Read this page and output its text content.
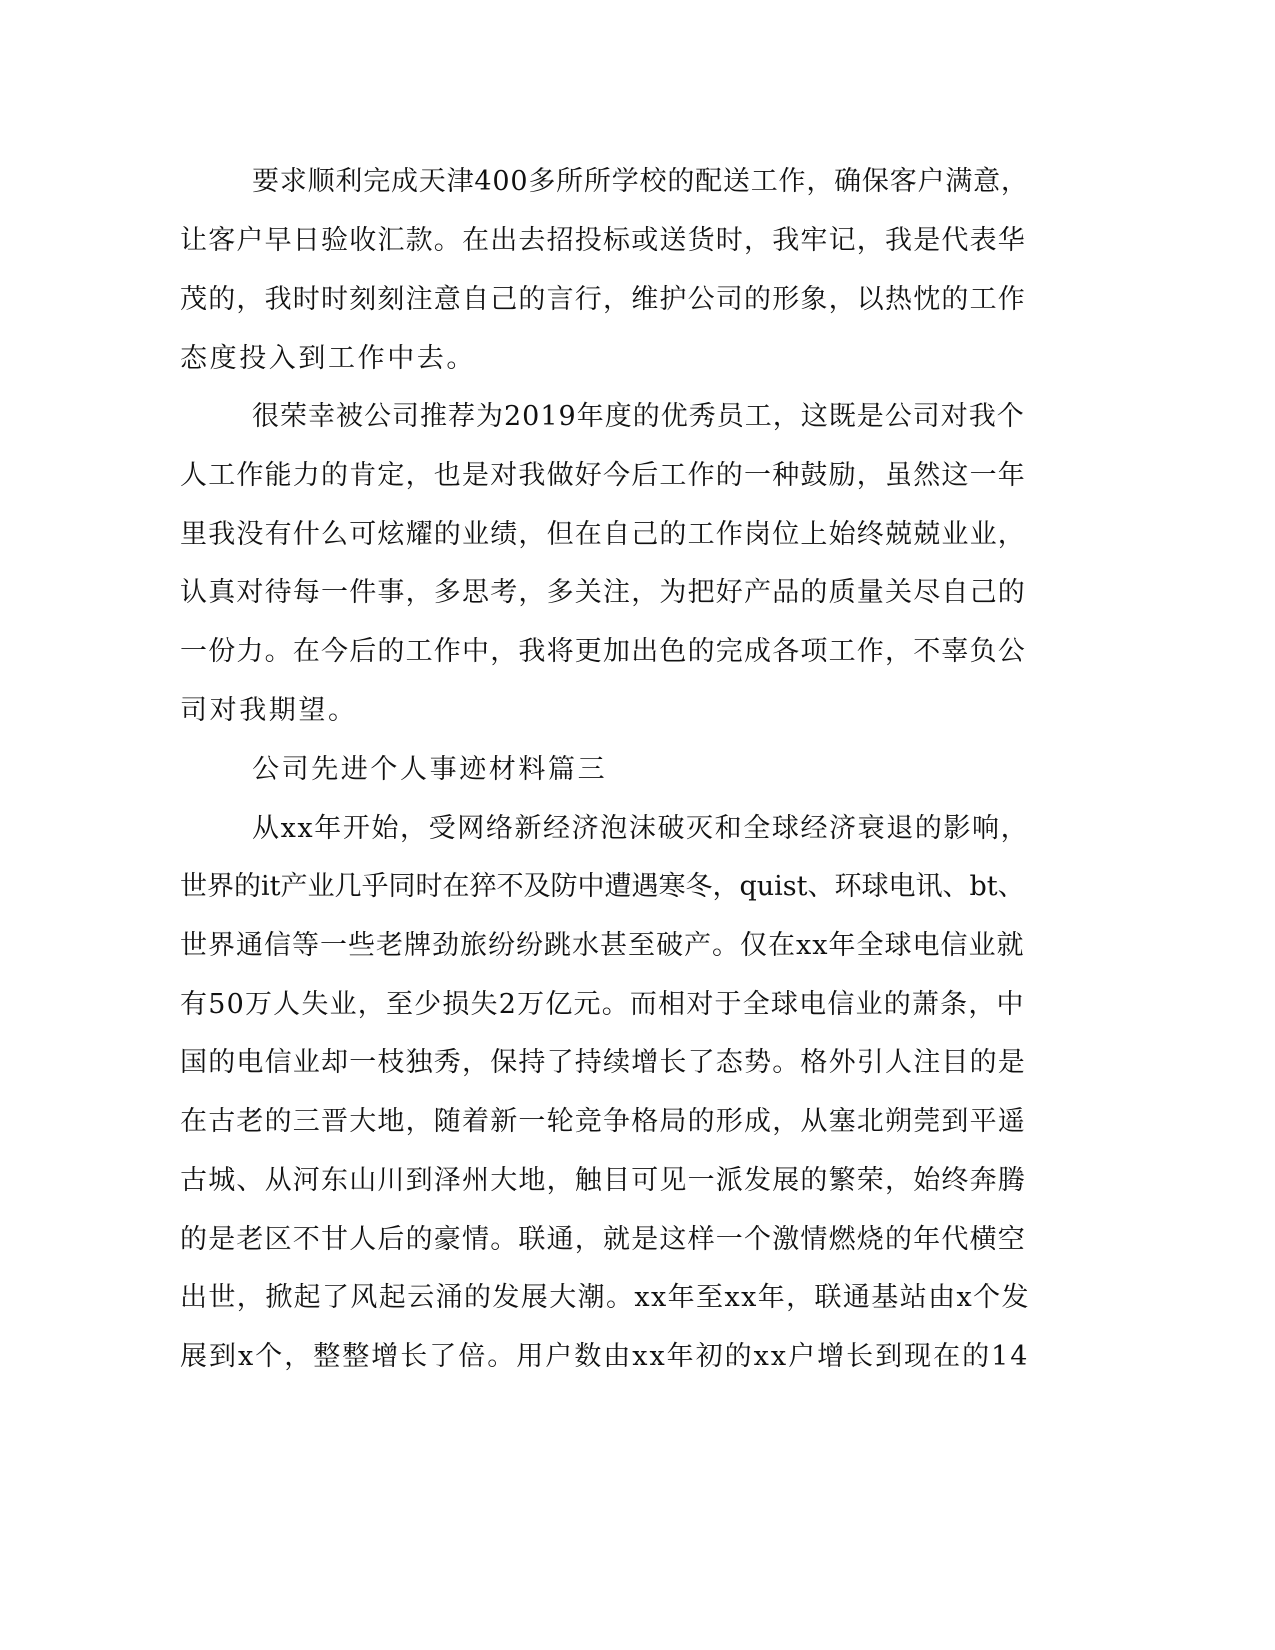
要求顺利完成天津400多所所学校的配送工作，确保客户满意，
让客户早日验收汇款。在出去招投标或送货时，我牢记，我是代表华
茂的，我时时刻刻注意自己的言行，维护公司的形象，以热忱的工作
态度投入到工作中去。
很荣幸被公司推荐为2019年度的优秀员工，这既是公司对我个
人工作能力的肯定，也是对我做好今后工作的一种鼓励，虽然这一年
里我没有什么可炫耀的业绩，但在自己的工作岗位上始终兢兢业业，
认真对待每一件事，多思考，多关注，为把好产品的质量关尽自己的
一份力。在今后的工作中，我将更加出色的完成各项工作，不辜负公
司对我期望。
公司先进个人事迹材料篇三
从xx年开始，受网络新经济泡沫破灭和全球经济衰退的影响，
世界的it产业几乎同时在猝不及防中遭遇寒冬，quist、环球电讯、bt、
世界通信等一些老牌劲旅纷纷跳水甚至破产。仅在xx年全球电信业就
有50万人失业，至少损失2万亿元。而相对于全球电信业的萧条，中
国的电信业却一枝独秀，保持了持续增长了态势。格外引人注目的是
在古老的三晋大地，随着新一轮竞争格局的形成，从塞北朔莞到平遥
古城、从河东山川到泽州大地，触目可见一派发展的繁荣，始终奔腾
的是老区不甘人后的豪情。联通，就是这样一个激情燃烧的年代横空
出世，掀起了风起云涌的发展大潮。xx年至xx年，联通基站由x个发
展到x个，整整增长了倍。用户数由xx年初的xx户增长到现在的14
